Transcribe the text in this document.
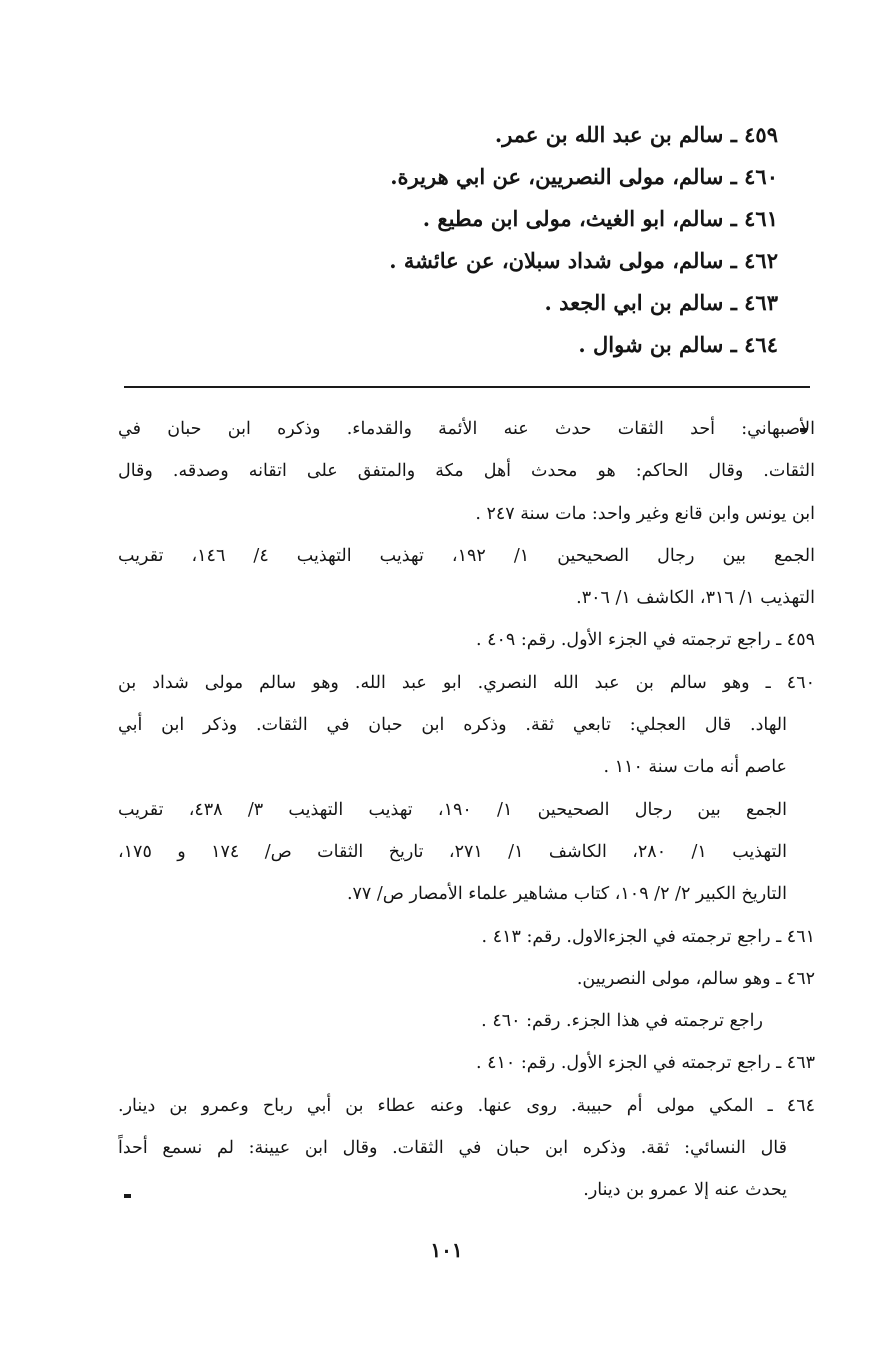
٤٥٩ ـ سالم بن عبد الله بن عمر.
٤٦٠ ـ سالم، مولى النصريين، عن ابي هريرة.
٤٦١ ـ سالم، ابو الغيث، مولى ابن مطيع .
٤٦٢ ـ سالم، مولى شداد سبلان، عن عائشة .
٤٦٣ ـ سالم بن ابي الجعد .
٤٦٤ ـ سالم بن شوال .
الأصبهاني: أحد الثقات حدث عنه الأئمة والقدماء. وذكره ابن حبان في
الثقات. وقال الحاكم: هو محدث أهل مكة والمتفق على اتقانه وصدقه. وقال
ابن يونس وابن قانع وغير واحد: مات سنة ٢٤٧ .
الجمع بين رجال الصحيحين ١/ ١٩٢، تهذيب التهذيب ٤/ ١٤٦، تقريب
التهذيب ١/ ٣١٦، الكاشف ١/ ٣٠٦.
٤٥٩ ـ راجع ترجمته في الجزء الأول. رقم: ٤٠٩ .
٤٦٠ ـ وهو سالم بن عبد الله النصري. ابو عبد الله. وهو سالم مولى شداد بن
الهاد. قال العجلي: تابعي ثقة. وذكره ابن حبان في الثقات. وذكر ابن أبي
عاصم أنه مات سنة ١١٠ .
الجمع بين رجال الصحيحين ١/ ١٩٠، تهذيب التهذيب ٣/ ٤٣٨، تقريب
التهذيب ١/ ٢٨٠، الكاشف ١/ ٢٧١، تاريخ الثقات ص/ ١٧٤ و ١٧٥،
التاريخ الكبير ٢/ ٢/ ١٠٩، كتاب مشاهير علماء الأمصار ص/ ٧٧.
٤٦١ ـ راجع ترجمته في الجزءالاول. رقم: ٤١٣ .
٤٦٢ ـ وهو سالم، مولى النصريين.
راجع ترجمته في هذا الجزء. رقم: ٤٦٠ .
٤٦٣ ـ راجع ترجمته في الجزء الأول. رقم: ٤١٠ .
٤٦٤ ـ المكي مولى أم حبيبة. روى عنها. وعنه عطاء بن أبي رباح وعمرو بن دينار.
قال النسائي: ثقة. وذكره ابن حبان في الثقات. وقال ابن عيينة: لم نسمع أحداً
يحدث عنه إلا عمرو بن دينار.
١٠١
